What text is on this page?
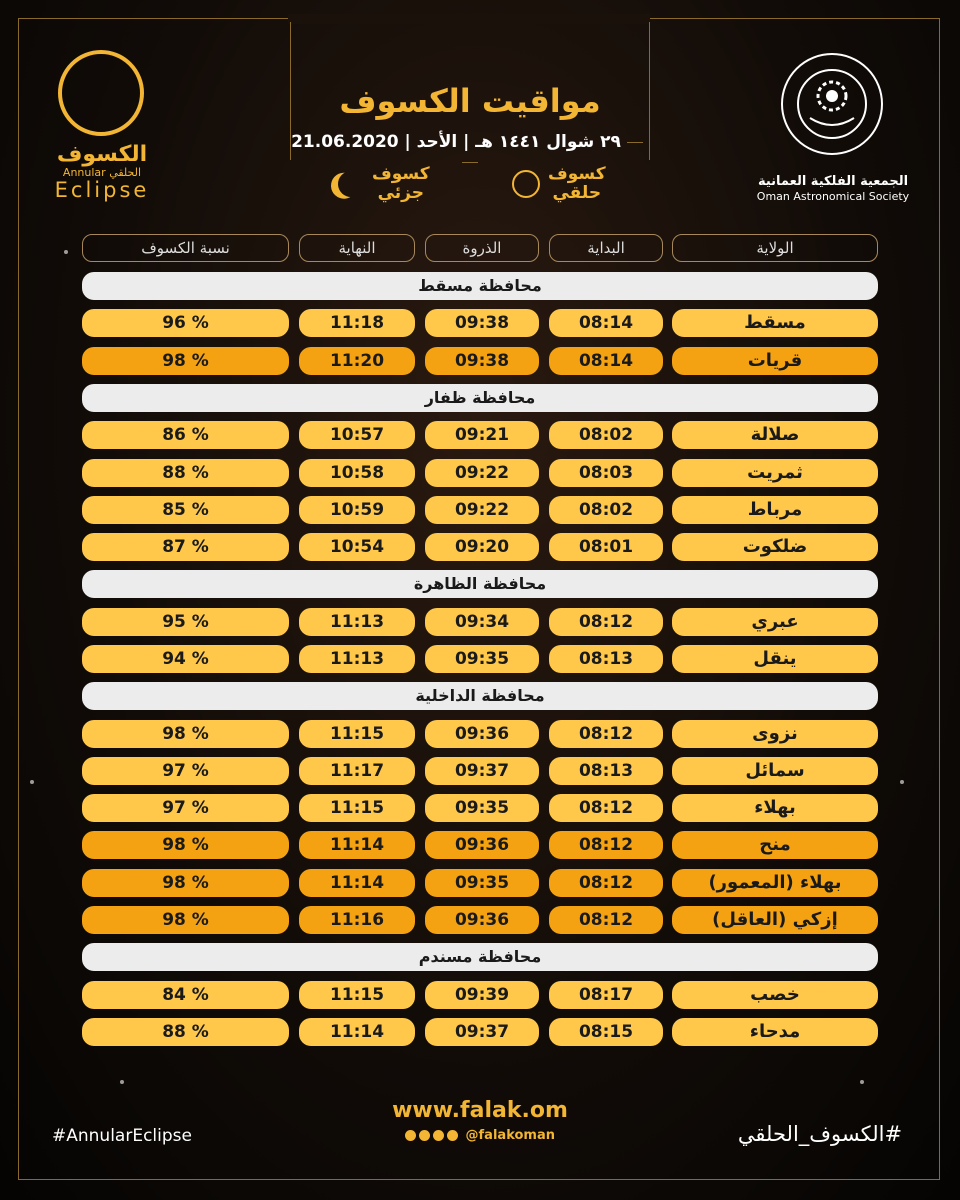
الكسوف
Annular الحلقي
Eclipse
مواقيت الكسوف
٢٩ شوال ١٤٤١ هـ | الأحد | 21.06.2020
كسوف
حلقي
كسوف
جزئي
الجمعية الفلكية العمانية
Oman Astronomical Society
الولاية
البداية
الذروة
النهاية
نسبة الكسوف
محافظة مسقط
مسقط
08:14
09:38
11:18
96 %
قريات
08:14
09:38
11:20
98 %
محافظة ظفار
صلالة
08:02
09:21
10:57
86 %
ثمريت
08:03
09:22
10:58
88 %
مرباط
08:02
09:22
10:59
85 %
ضلكوت
08:01
09:20
10:54
87 %
محافظة الظاهرة
عبري
08:12
09:34
11:13
95 %
ينقل
08:13
09:35
11:13
94 %
محافظة الداخلية
نزوى
08:12
09:36
11:15
98 %
سمائل
08:13
09:37
11:17
97 %
بهلاء
08:12
09:35
11:15
97 %
منح
08:12
09:36
11:14
98 %
بهلاء (المعمور)
08:12
09:35
11:14
98 %
إزكي (العاقل)
08:12
09:36
11:16
98 %
محافظة مسندم
خصب
08:17
09:39
11:15
84 %
مدحاء
08:15
09:37
11:14
88 %
www.falak.om
@falakoman
#AnnularEclipse	#الكسوف_الحلقي
